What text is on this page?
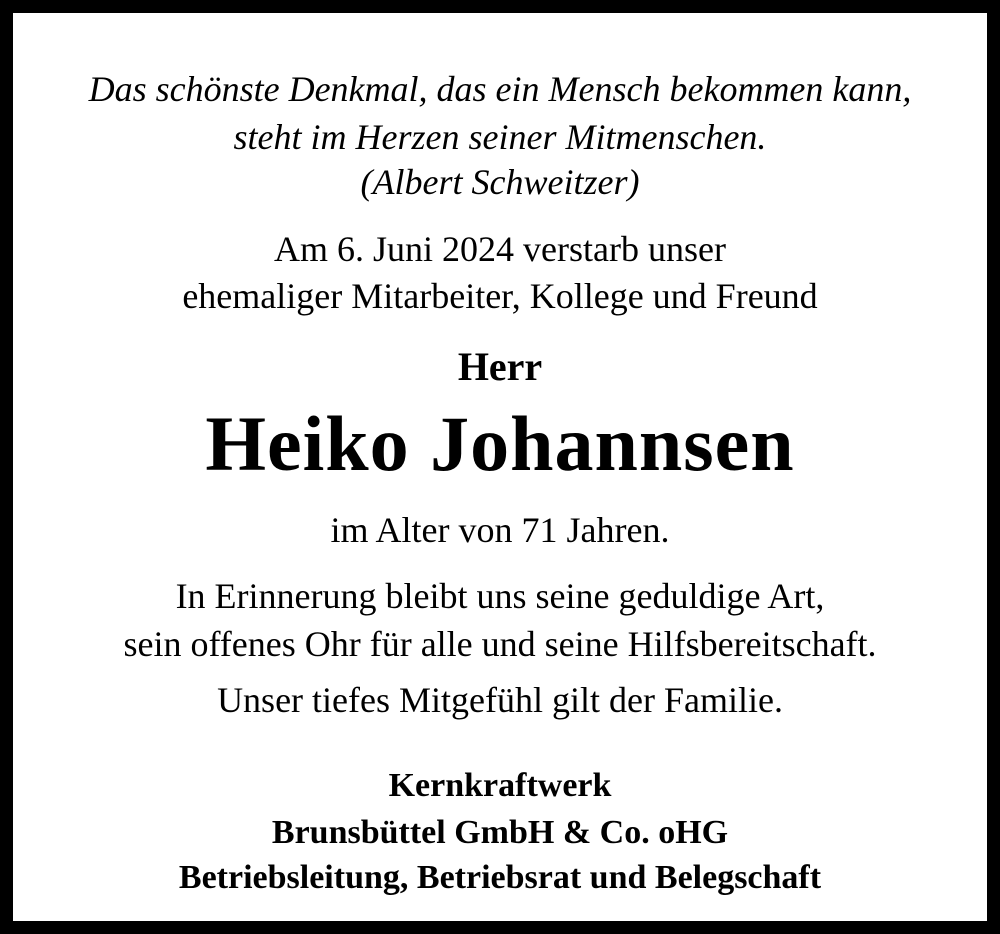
Das schönste Denkmal, das ein Mensch bekommen kann,
steht im Herzen seiner Mitmenschen.
(Albert Schweitzer)
Am 6. Juni 2024 verstarb unser
ehemaliger Mitarbeiter, Kollege und Freund
Herr
Heiko Johannsen
im Alter von 71 Jahren.
In Erinnerung bleibt uns seine geduldige Art,
sein offenes Ohr für alle und seine Hilfsbereitschaft.
Unser tiefes Mitgefühl gilt der Familie.
Kernkraftwerk
Brunsbüttel GmbH & Co. oHG
Betriebsleitung, Betriebsrat und Belegschaft
